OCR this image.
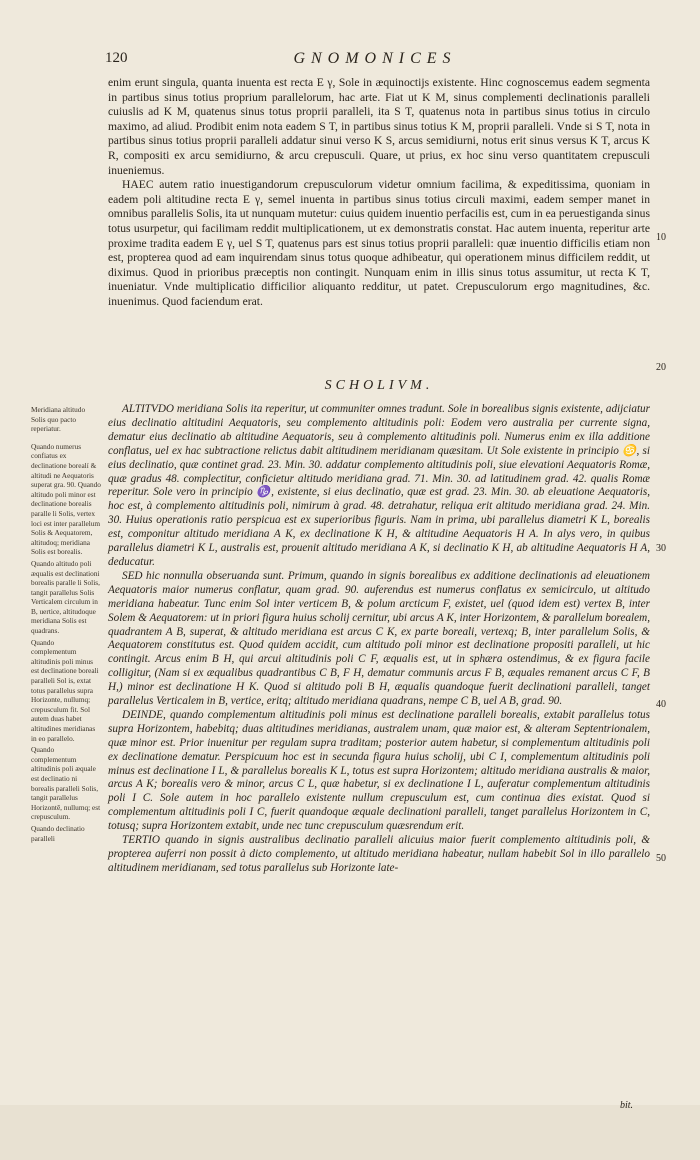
120	GNOMONICES

enim erunt singula, quanta inuenta est recta E γ, Sole in æquinoctijs existente. Hinc cognoscemus eadem segmenta in partibus sinus totius proprium parallelorum, hac arte. Fiat ut K M, sinus complementi declinationis paralleli cuiuslis ad K M, quatenus sinus totus proprii paralleli, ita S T, quatenus nota in partibus sinus totius in circulo maximo, ad aliud. Prodibit enim nota eadem S T, in partibus sinus totius K M, proprii paralleli. Vnde si S T, nota in partibus sinus totius proprii paralleli addatur sinui verso K S, arcus semidiurni, notus erit sinus versus K T, arcus K R, compositi ex arcu semidiurno, & arcu crepusculi. Quare, ut prius, ex hoc sinu verso quantitatem crepusculi inueniemus.

HAEC autem ratio inuestigandorum crepusculorum videtur omnium facilima, & expeditissima, quoniam in eadem poli altitudine recta E γ, semel inuenta in partibus sinus totius circuli maximi, eadem semper manet in omnibus parallelis Solis, ita ut nunquam mutetur: cuius quidem inuentio perfacilis est, cum in ea peruestiganda sinus totus usurpetur, qui facilimam reddit multiplicationem, ut ex demonstratis constat. Hac autem inuenta, reperitur arte proxime tradita eadem E γ, uel S T, quatenus pars est sinus totius proprii paralleli: quæ inuentio difficilis etiam non est, propterea quod ad eam inquirendam sinus totus quoque adhibeatur, qui operationem minus difficilem reddit, ut diximus. Quod in prioribus præceptis non contingit. Nunquam enim in illis sinus totus assumitur, ut recta K T, inueniatur. Vnde multiplicatio difficilior aliquanto redditur, ut patet. Crepusculorum ergo magnitudines, &c. inuenimus. Quod faciendum erat.

10
20
30
40
50
SCHOLIVM.

Meridiana altitudo Solis quo pacto reperiatur.

Quando numerus confiatus ex declinatione borealí & altitudi ne Aequatoris superat gra. 90. Quando altitudo poli minor est declinatione borealis paralle li Solis, vertex loci est inter parallelum Solis & Aequatorem, altitudoq; meridiana Solis est borealis.

Quando altitudo poli æqualis est declinationi borealis paralle li Solis, tangit parallelus Solis Verticalem circulum in B, uertice, altitudoque meridiana Solis est quadrans.

Quando complementum altitudinis poli minus est declinatione boreali paralleli Sol is, extat totus parallelus supra Horizonte, nullumq; crepusculum fit. Sol autem duas habet altitudines meridianas in eo parallelo.

Quando complementum altitudinis poli æquale est declinatio ni borealis paralleli Solis, tangit parallelus Horizontē, nullumq; est crepusculum.

Quando declinatio paralleli

ALTITVDO meridiana Solis ita reperitur, ut communiter omnes tradunt. Sole in borealibus signis existente, adijciatur eius declinatio altitudini Aequatoris, seu complemento altitudinis poli: Eodem vero australia per currente signa, dematur eius declinatio ab altitudine Aequatoris, seu à complemento altitudinis poli. Numerus enim ex illa additione conflatus, uel ex hac subtractione relictus dabit altitudinem meridianam quæsitam. Ut Sole existente in principio ♋, si eius declinatio, quæ continet grad. 23. Min. 30. addatur complemento altitudinis poli, siue elevationi Aequatoris Romæ, quæ gradus 48. complectitur, conficietur altitudo meridiana grad. 71. Min. 30. ad latitudinem grad. 42. qualis Romæ reperitur. Sole vero in principio ♑, existente, si eius declinatio, quæ est grad. 23. Min. 30. ab eleuatione Aequatoris, hoc est, à complemento altitudinis poli, nimirum à grad. 48. detrahatur, reliqua erit altitudo meridiana grad. 24. Min. 30. Huius operationis ratio perspicua est ex superioribus figuris. Nam in prima, ubi parallelus diametri K L, borealis est, componitur altitudo meridiana A K, ex declinatione K H, & altitudine Aequatoris H A. In alys vero, in quibus parallelus diametri K L, australis est, prouenit altitudo meridiana A K, si declinatio K H, ab altitudine Aequatoris H A, deducatur.

SED hic nonnulla obseruanda sunt. Primum, quando in signis borealibus ex additione declinationis ad eleuationem Aequatoris maior numerus conflatur, quam grad. 90. auferendus est numerus conflatus ex semicirculo, ut altitudo meridiana habeatur. Tunc enim Sol inter verticem B, & polum arcticum F, existet, uel (quod idem est) vertex B, inter Solem & Aequatorem: ut in priori figura huius scholij cernitur, ubi arcus A K, inter Horizontem, & parallelum borealem, quadrantem A B, superat, & altitudo meridiana est arcus C K, ex parte boreali, vertexq; B, inter parallelum Solis, & Aequatorem constitutus est. Quod quidem accidit, cum altitudo poli minor est declinatione propositi paralleli, ut hic contingit. Arcus enim B H, qui arcui altitudinis poli C F, æqualis est, ut in sphæra ostendimus, & ex figura facile colligitur, (Nam si ex æqualibus quadrantibus C B, F H, dematur communis arcus F B, æquales remanent arcus C F, B H,) minor est declinatione H K. Quod si altitudo poli B H, æqualis quandoque fuerit declinationi paralleli, tanget parallelus Verticalem in B, vertice, eritq; altitudo meridiana quadrans, nempe C B, uel A B, grad. 90.

DEINDE, quando complementum altitudinis poli minus est declinatione paralleli borealis, extabit parallelus totus supra Horizontem, habebitq; duas altitudines meridianas, australem unam, quæ maior est, & alteram Septentrionalem, quæ minor est. Prior inuenitur per regulam supra traditam; posterior autem habetur, si complementum altitudinis poli ex declinatione dematur. Perspicuum hoc est in secunda figura huius scholij, ubi C I, complementum altitudinis poli minus est declinatione I L, & parallelus borealis K L, totus est supra Horizontem; altitudo meridiana australis & maior, arcus A K; borealis vero & minor, arcus C L, quæ habetur, si ex declinatione I L, auferatur complementum altitudinis poli I C. Sole autem in hoc parallelo existente nullum crepusculum est, cum continua dies existat. Quod si complementum altitudinis poli I C, fuerit quandoque æquale declinationi paralleli, tanget parallelus Horizontem in C, totusq; supra Horizontem extabit, unde nec tunc crepusculum quæsrendum erit.

TERTIO quando in signis australibus declinatio paralleli alicuius maior fuerit complemento altitudinis poli, & propterea auferri non possit à dicto complemento, ut altitudo meridiana habeatur, nullam habebit Sol in illo parallelo altitudinem meridianam, sed totus parallelus sub Horizonte late-

bit.
